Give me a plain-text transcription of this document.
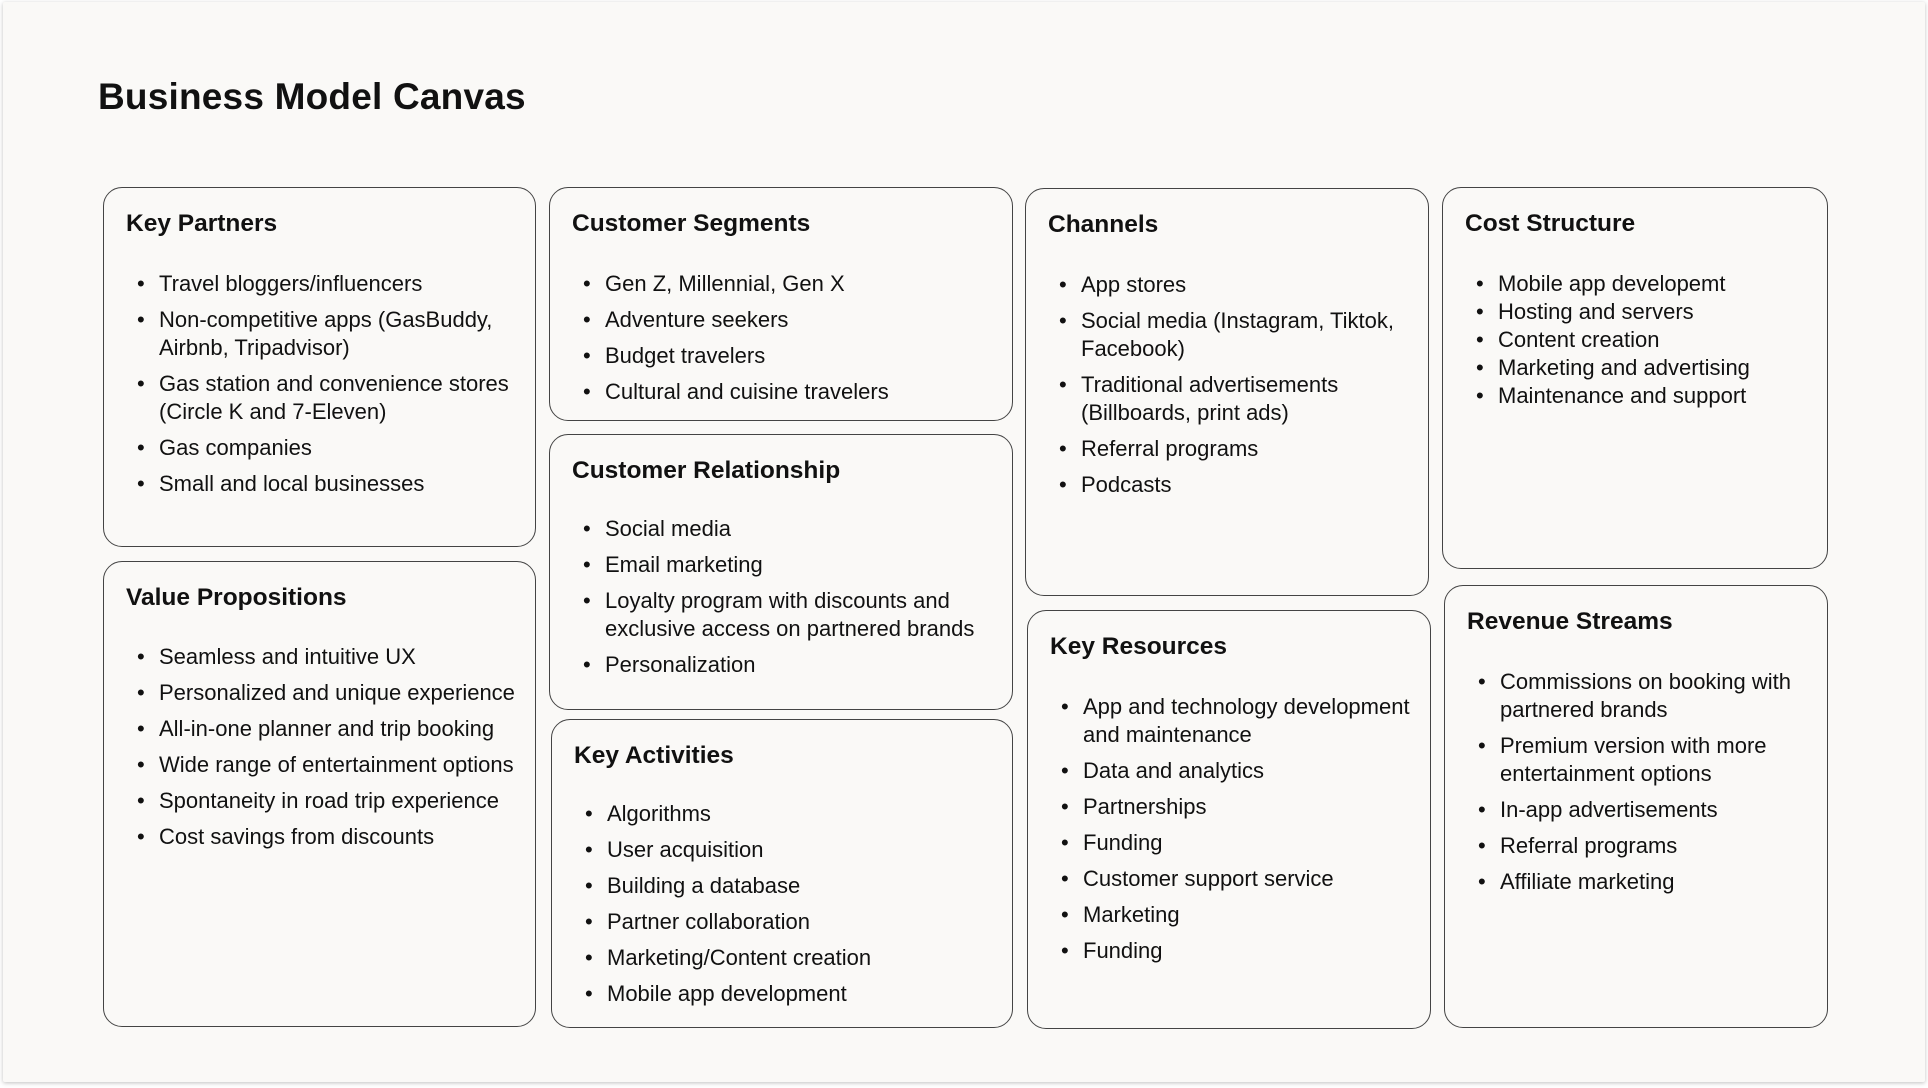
Business Model Canvas
Key Partners
• Travel bloggers/influencers
• Non-competitive apps (GasBuddy, Airbnb, Tripadvisor)
• Gas station and convenience stores (Circle K and 7-Eleven)
• Gas companies
• Small and local businesses
Value Propositions
• Seamless and intuitive UX
• Personalized and unique experience
• All-in-one planner and trip booking
• Wide range of entertainment options
• Spontaneity in road trip experience
• Cost savings from discounts
Customer Segments
• Gen Z, Millennial, Gen X
• Adventure seekers
• Budget travelers
• Cultural and cuisine travelers
Customer Relationship
• Social media
• Email marketing
• Loyalty program with discounts and exclusive access on partnered brands
• Personalization
Key Activities
• Algorithms
• User acquisition
• Building a database
• Partner collaboration
• Marketing/Content creation
• Mobile app development
Channels
• App stores
• Social media (Instagram, Tiktok, Facebook)
• Traditional advertisements (Billboards, print ads)
• Referral programs
• Podcasts
Key Resources
• App and technology development and maintenance
• Data and analytics
• Partnerships
• Funding
• Customer support service
• Marketing
• Funding
Cost Structure
• Mobile app developemt
• Hosting and servers
• Content creation
• Marketing and advertising
• Maintenance and support
Revenue Streams
• Commissions on booking with partnered brands
• Premium version with more entertainment options
• In-app advertisements
• Referral programs
• Affiliate marketing
